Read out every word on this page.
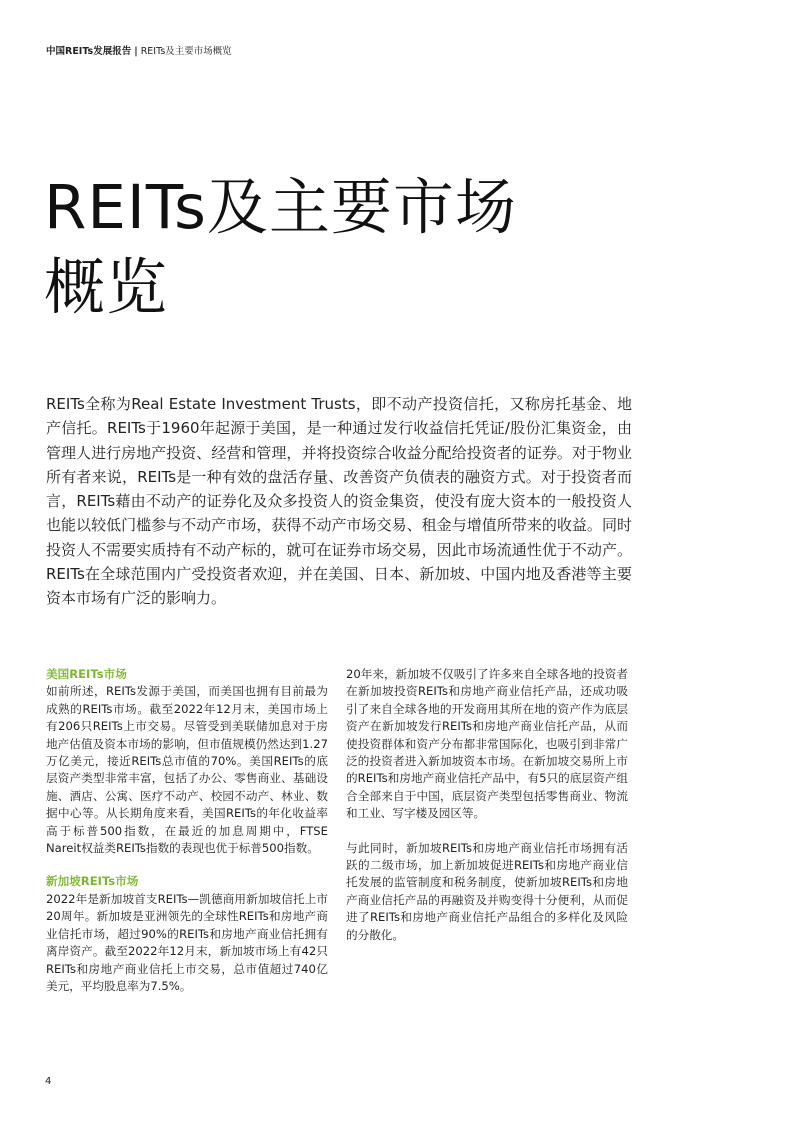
中国REITs发展报告 | REITs及主要市场概览
REITs及主要市场
概览

REITs全称为Real Estate Investment Trusts，即不动产投资信托，又称房托基金、地产信托。REITs于1960年起源于美国，是一种通过发行收益信托凭证/股份汇集资金，由管理人进行房地产投资、经营和管理，并将投资综合收益分配给投资者的证券。对于物业所有者来说，REITs是一种有效的盘活存量、改善资产负债表的融资方式。对于投资者而言，REITs藉由不动产的证券化及众多投资人的资金集资，使没有庞大资本的一般投资人也能以较低门槛参与不动产市场，获得不动产市场交易、租金与增值所带来的收益。同时投资人不需要实质持有不动产标的，就可在证券市场交易，因此市场流通性优于不动产。REITs在全球范围内广受投资者欢迎，并在美国、日本、新加坡、中国内地及香港等主要资本市场有广泛的影响力。

美国REITs市场

如前所述，REITs发源于美国，而美国也拥有目前最为成熟的REITs市场。截至2022年12月末，美国市场上有206只REITs上市交易。尽管受到美联储加息对于房地产估值及资本市场的影响，但市值规模仍然达到1.27万亿美元，接近REITs总市值的70%。美国REITs的底层资产类型非常丰富，包括了办公、零售商业、基础设施、酒店、公寓、医疗不动产、校园不动产、林业、数据中心等。从长期角度来看，美国REITs的年化收益率高于标普500指数，在最近的加息周期中，FTSE Nareit权益类REITs指数的表现也优于标普500指数。

新加坡REITs市场

2022年是新加坡首支REITs—凯德商用新加坡信托上市20周年。新加坡是亚洲领先的全球性REITs和房地产商业信托市场，超过90%的REITs和房地产商业信托拥有离岸资产。截至2022年12月末，新加坡市场上有42只REITs和房地产商业信托上市交易，总市值超过740亿美元，平均股息率为7.5%。

20年来，新加坡不仅吸引了许多来自全球各地的投资者在新加坡投资REITs和房地产商业信托产品，还成功吸引了来自全球各地的开发商用其所在地的资产作为底层资产在新加坡发行REITs和房地产商业信托产品，从而使投资群体和资产分布都非常国际化，也吸引到非常广泛的投资者进入新加坡资本市场。在新加坡交易所上市的REITs和房地产商业信托产品中，有5只的底层资产组合全部来自于中国，底层资产类型包括零售商业、物流和工业、写字楼及园区等。

与此同时，新加坡REITs和房地产商业信托市场拥有活跃的二级市场，加上新加坡促进REITs和房地产商业信托发展的监管制度和税务制度，使新加坡REITs和房地产商业信托产品的再融资及并购变得十分便利，从而促进了REITs和房地产商业信托产品组合的多样化及风险的分散化。

4
